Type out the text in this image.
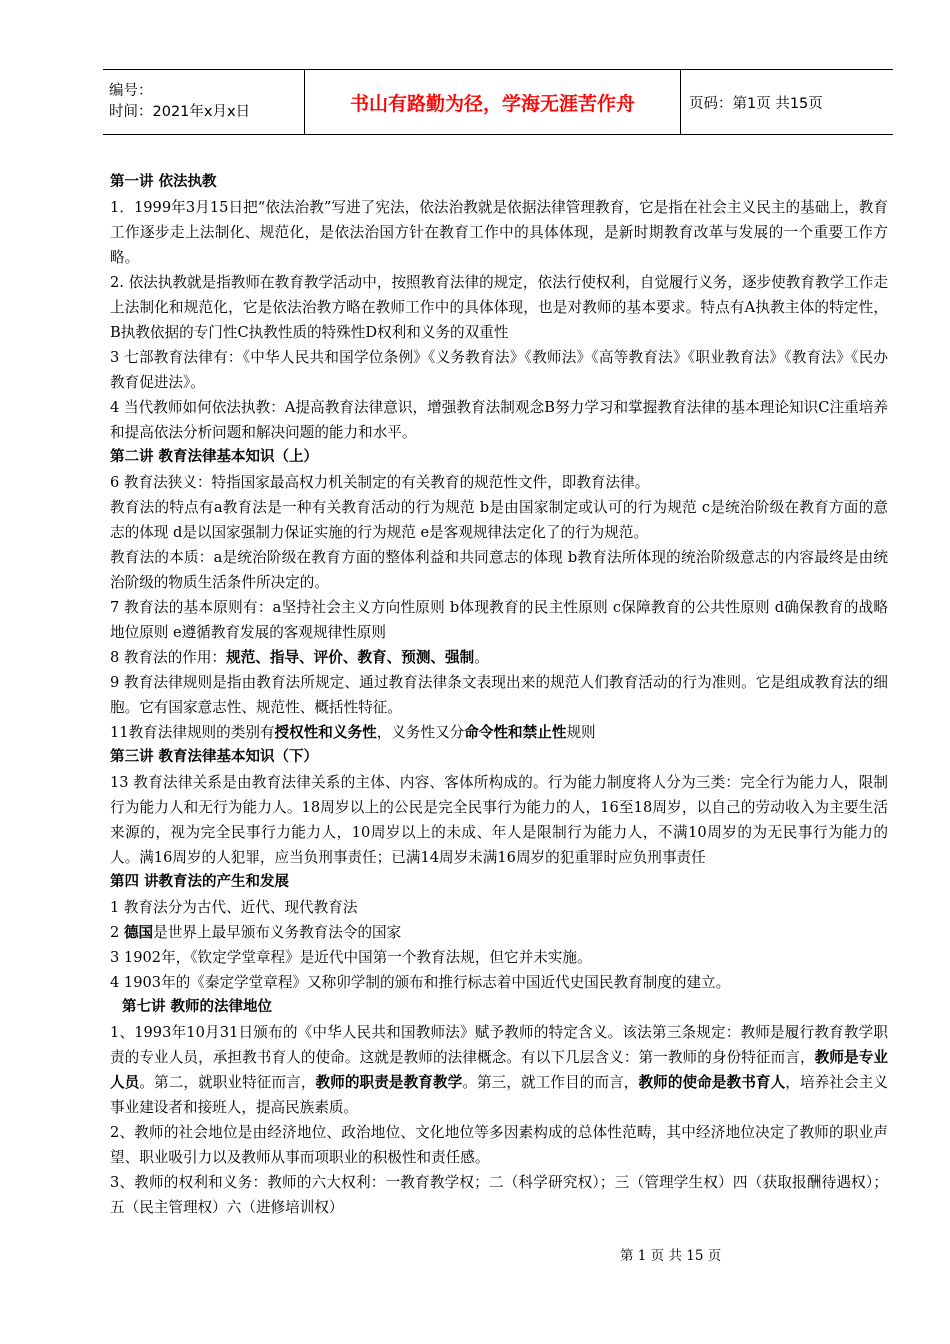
编号：
时间：2021年x月x日	书山有路勤为径，学海无涯苦作舟	页码：第1页 共15页
第一讲 依法执教
1．1999年3月15日把“依法治教”写进了宪法，依法治教就是依据法律管理教育，它是指在社会主义民主的基础上，教育工作逐步走上法制化、规范化，是依法治国方针在教育工作中的具体体现，是新时期教育改革与发展的一个重要工作方略。
2. 依法执教就是指教师在教育教学活动中，按照教育法律的规定，依法行使权利，自觉履行义务，逐步使教育教学工作走上法制化和规范化，它是依法治教方略在教师工作中的具体体现，也是对教师的基本要求。特点有A执教主体的特定性，B执教依据的专门性C执教性质的特殊性D权利和义务的双重性
3 七部教育法律有：《中华人民共和国学位条例》《义务教育法》《教师法》《高等教育法》《职业教育法》《教育法》《民办教育促进法》。
4 当代教师如何依法执教：A提高教育法律意识，增强教育法制观念B努力学习和掌握教育法律的基本理论知识C注重培养和提高依法分析问题和解决问题的能力和水平。
第二讲 教育法律基本知识（上）
6 教育法狭义：特指国家最高权力机关制定的有关教育的规范性文件，即教育法律。
教育法的特点有a教育法是一种有关教育活动的行为规范 b是由国家制定或认可的行为规范 c是统治阶级在教育方面的意志的体现 d是以国家强制力保证实施的行为规范 e是客观规律法定化了的行为规范。
教育法的本质：a是统治阶级在教育方面的整体利益和共同意志的体现 b教育法所体现的统治阶级意志的内容最终是由统治阶级的物质生活条件所决定的。
7 教育法的基本原则有：a坚持社会主义方向性原则 b体现教育的民主性原则 c保障教育的公共性原则 d确保教育的战略地位原则 e遵循教育发展的客观规律性原则
8 教育法的作用：规范、指导、评价、教育、预测、强制。
9 教育法律规则是指由教育法所规定、通过教育法律条文表现出来的规范人们教育活动的行为准则。它是组成教育法的细胞。它有国家意志性、规范性、概括性特征。
11教育法律规则的类别有授权性和义务性，义务性又分命令性和禁止性规则
第三讲 教育法律基本知识（下）
13 教育法律关系是由教育法律关系的主体、内容、客体所构成的。行为能力制度将人分为三类：完全行为能力人，限制行为能力人和无行为能力人。18周岁以上的公民是完全民事行为能力的人，16至18周岁，以自己的劳动收入为主要生活来源的，视为完全民事行力能力人，10周岁以上的未成、年人是限制行为能力人，不满10周岁的为无民事行为能力的人。满16周岁的人犯罪，应当负刑事责任；已满14周岁未满16周岁的犯重罪时应负刑事责任
第四 讲教育法的产生和发展
1 教育法分为古代、近代、现代教育法
2 德国是世界上最早颁布义务教育法令的国家
3 1902年，《钦定学堂章程》是近代中国第一个教育法规，但它并未实施。
4 1903年的《秦定学堂章程》又称卯学制的颁布和推行标志着中国近代史国民教育制度的建立。
第七讲 教师的法律地位
1、1993年10月31日颁布的《中华人民共和国教师法》赋予教师的特定含义。该法第三条规定：教师是履行教育教学职责的专业人员，承担教书育人的使命。这就是教师的法律概念。有以下几层含义：第一教师的身份特征而言，教师是专业人员。第二，就职业特征而言，教师的职责是教育教学。第三，就工作目的而言，教师的使命是教书育人，培养社会主义事业建设者和接班人，提高民族素质。
2、教师的社会地位是由经济地位、政治地位、文化地位等多因素构成的总体性范畴，其中经济地位决定了教师的职业声望、职业吸引力以及教师从事而项职业的积极性和责任感。
3、教师的权利和义务：教师的六大权利：一教育教学权；二（科学研究权）；三（管理学生权）四（获取报酬待遇权）；五（民主管理权）六（进修培训权）
第 1 页 共 15 页
